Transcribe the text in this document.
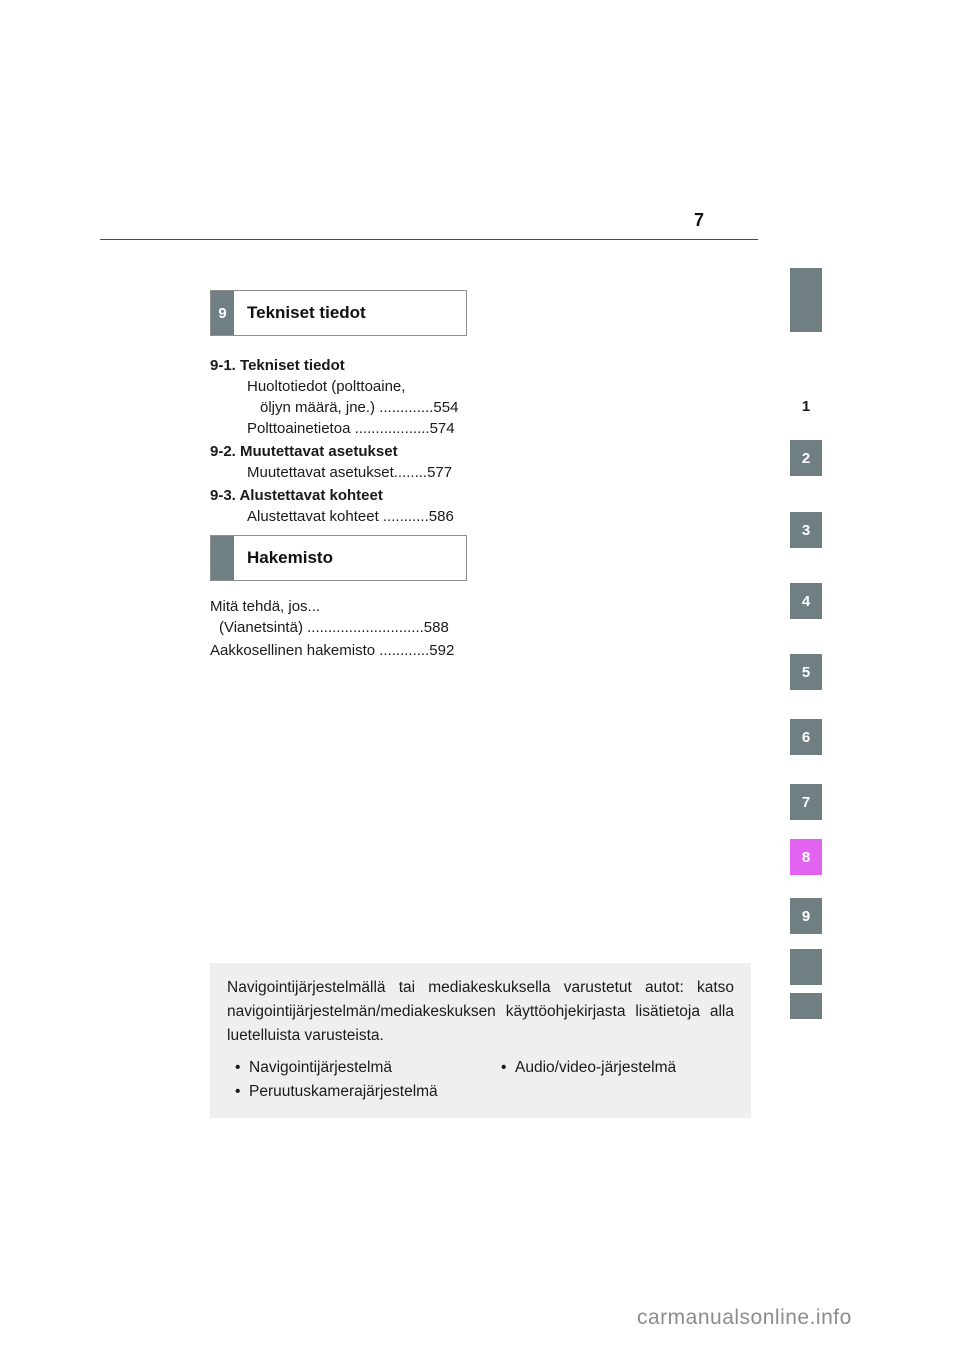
7
1
2
3
4
5
6
7
8
9
9	Tekniset tiedot
9-1. Tekniset tiedot
Huoltotiedot (polttoaine,
öljyn määrä, jne.) .............554
Polttoainetietoa ..................574
9-2. Muutettavat asetukset
Muutettavat asetukset........577
9-3. Alustettavat kohteet
Alustettavat kohteet ...........586
Hakemisto
Mitä tehdä, jos...
(Vianetsintä) ............................588
Aakkosellinen hakemisto ............592
Navigointijärjestelmällä tai mediakeskuksella varustetut autot: katso navigointijärjestelmän/mediakeskuksen käyttöohjekirjasta lisätietoja alla luetelluista varusteista.
• Navigointijärjestelmä
• Peruutuskamerajärjestelmä
• Audio/video-järjestelmä
carmanualsonline.info
